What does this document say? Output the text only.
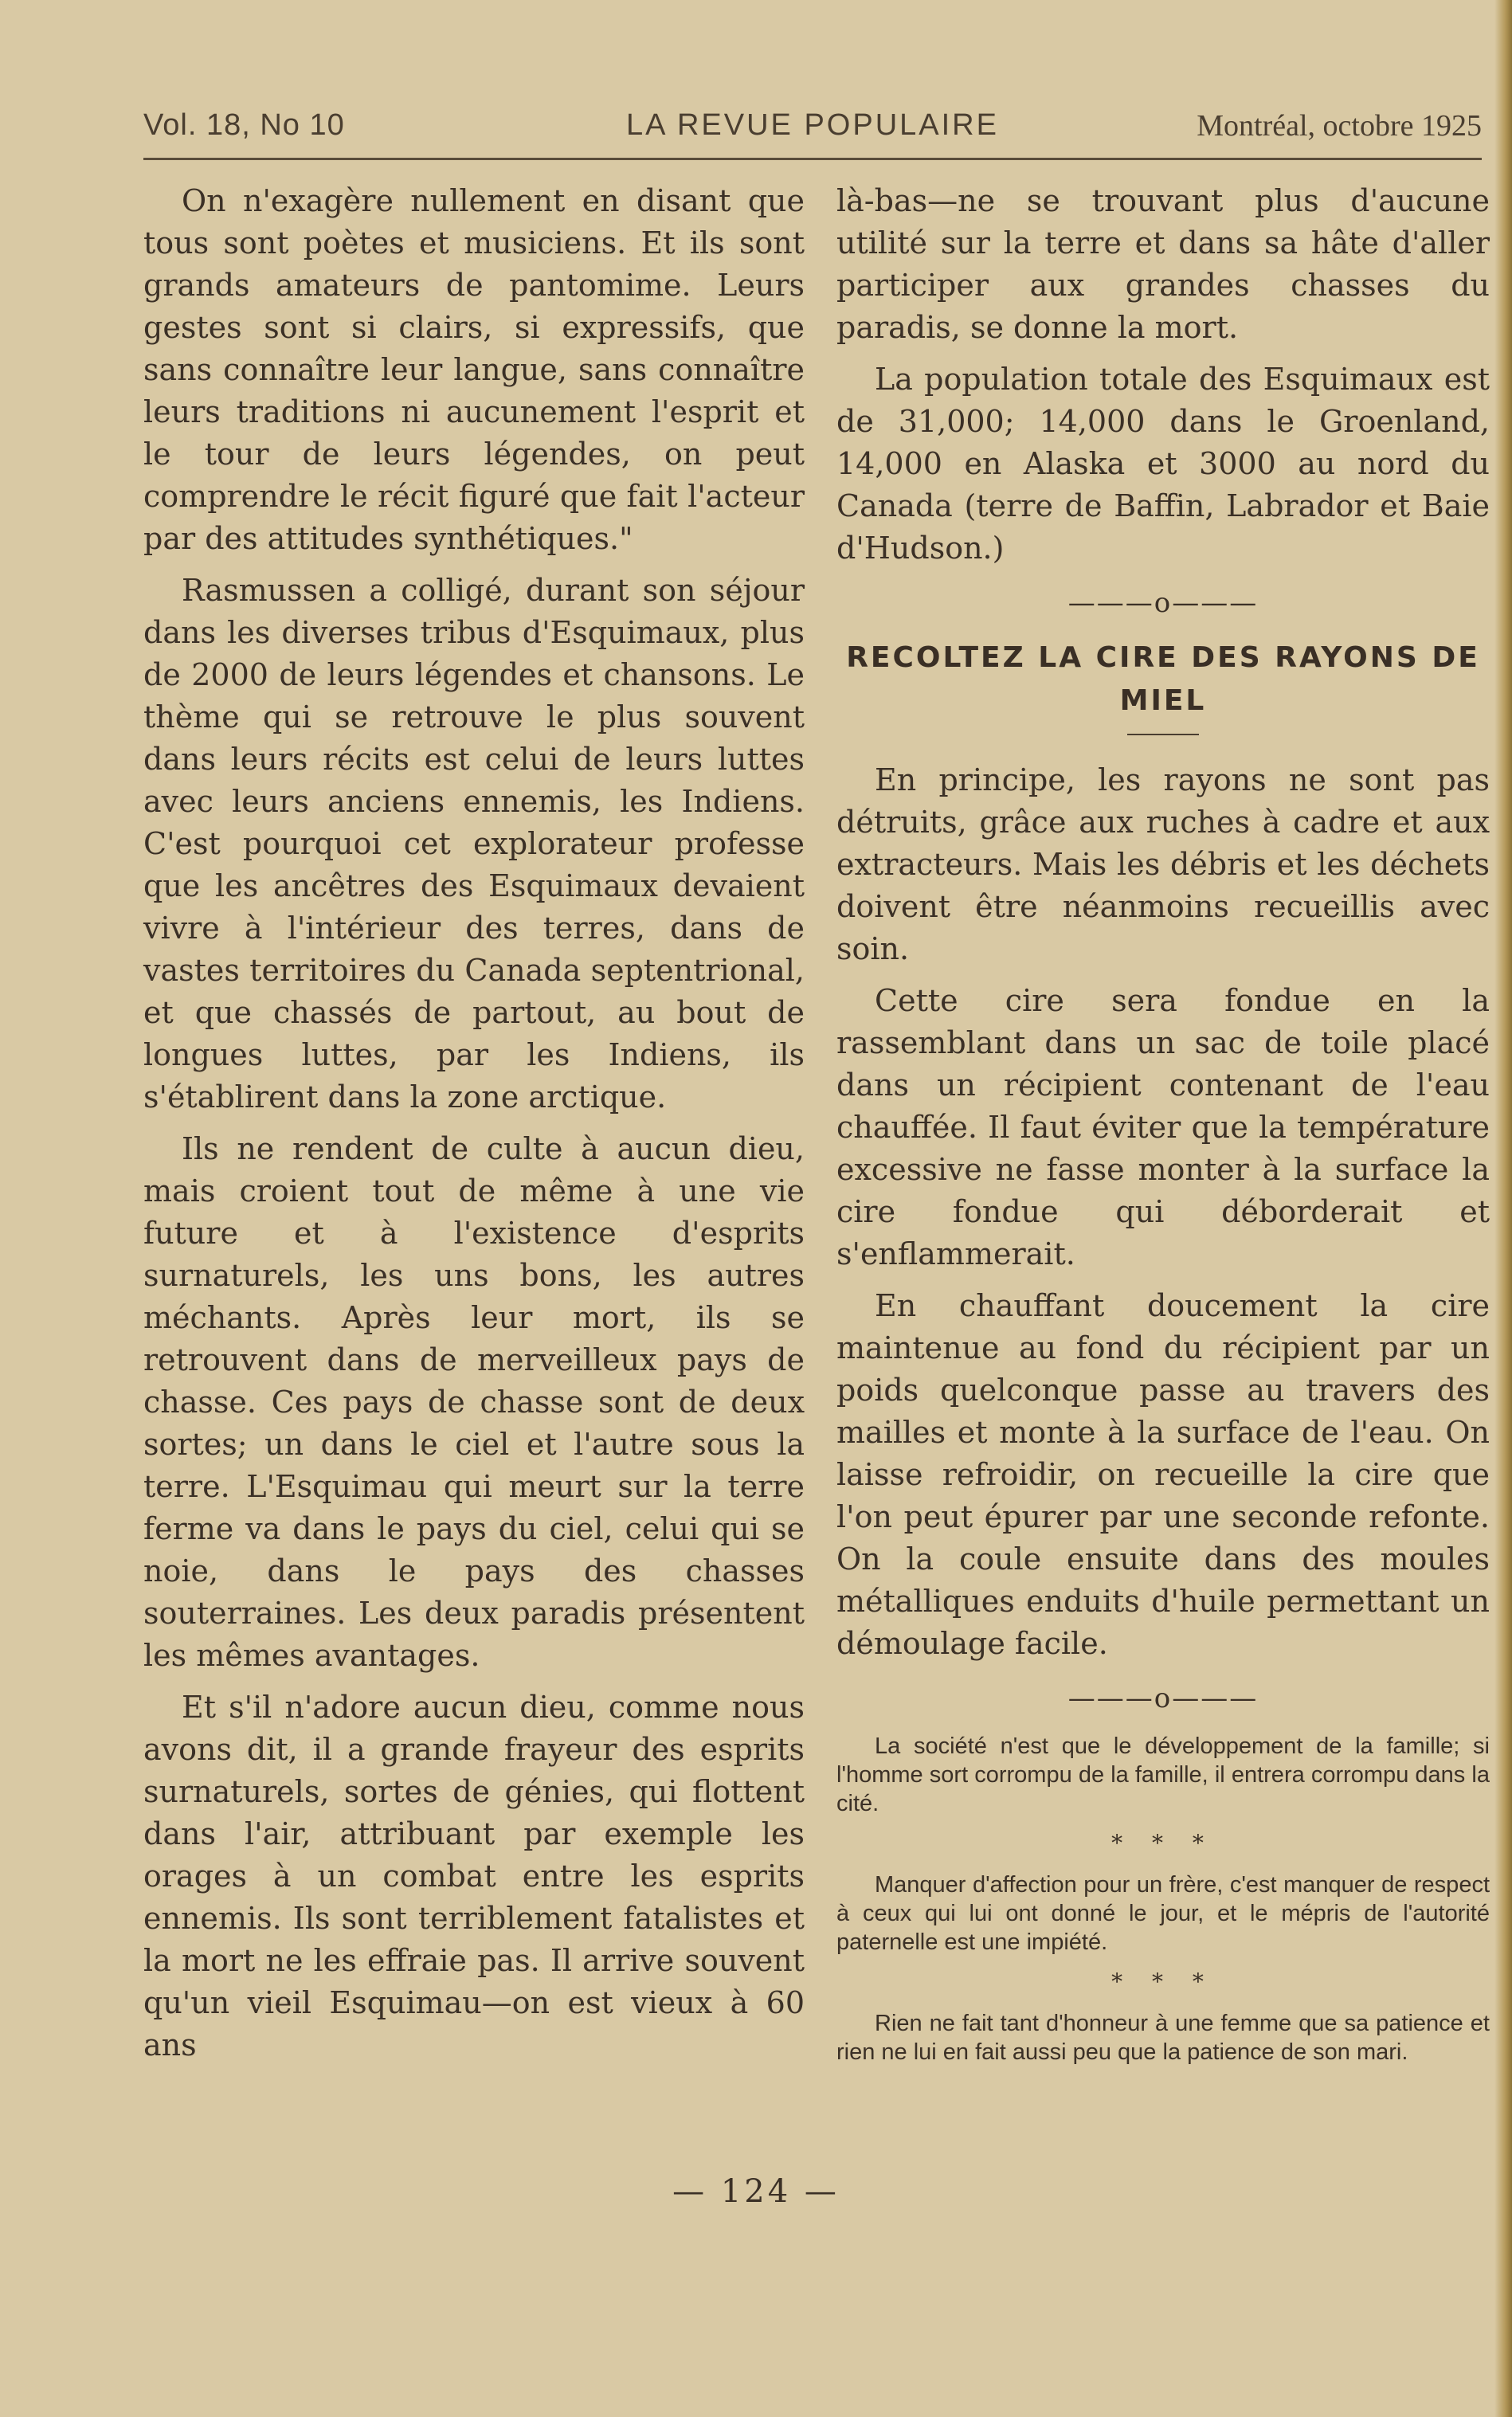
Vol. 18, No 10	LA REVUE POPULAIRE	Montréal, octobre 1925

On n'exagère nullement en disant que tous sont poètes et musiciens. Et ils sont grands amateurs de pantomime. Leurs gestes sont si clairs, si expressifs, que sans connaître leur langue, sans connaître leurs traditions ni aucunement l'esprit et le tour de leurs légendes, on peut comprendre le récit figuré que fait l'acteur par des attitudes synthétiques."

Rasmussen a colligé, durant son séjour dans les diverses tribus d'Esquimaux, plus de 2000 de leurs légendes et chansons. Le thème qui se retrouve le plus souvent dans leurs récits est celui de leurs luttes avec leurs anciens ennemis, les Indiens. C'est pourquoi cet explorateur professe que les ancêtres des Esquimaux devaient vivre à l'intérieur des terres, dans de vastes territoires du Canada septentrional, et que chassés de partout, au bout de longues luttes, par les Indiens, ils s'établirent dans la zone arctique.

Ils ne rendent de culte à aucun dieu, mais croient tout de même à une vie future et à l'existence d'esprits surnaturels, les uns bons, les autres méchants. Après leur mort, ils se retrouvent dans de merveilleux pays de chasse. Ces pays de chasse sont de deux sortes; un dans le ciel et l'autre sous la terre. L'Esquimau qui meurt sur la terre ferme va dans le pays du ciel, celui qui se noie, dans le pays des chasses souterraines. Les deux paradis présentent les mêmes avantages.

Et s'il n'adore aucun dieu, comme nous avons dit, il a grande frayeur des esprits surnaturels, sortes de génies, qui flottent dans l'air, attribuant par exemple les orages à un combat entre les esprits ennemis. Ils sont terriblement fatalistes et la mort ne les effraie pas. Il arrive souvent qu'un vieil Esquimau—on est vieux à 60 ans

là-bas—ne se trouvant plus d'aucune utilité sur la terre et dans sa hâte d'aller participer aux grandes chasses du paradis, se donne la mort.

La population totale des Esquimaux est de 31,000; 14,000 dans le Groenland, 14,000 en Alaska et 3000 au nord du Canada (terre de Baffin, Labrador et Baie d'Hudson.)

———o———
RECOLTEZ LA CIRE DES RAYONS DE MIEL

En principe, les rayons ne sont pas détruits, grâce aux ruches à cadre et aux extracteurs. Mais les débris et les déchets doivent être néanmoins recueillis avec soin.

Cette cire sera fondue en la rassemblant dans un sac de toile placé dans un récipient contenant de l'eau chauffée. Il faut éviter que la température excessive ne fasse monter à la surface la cire fondue qui déborderait et s'enflammerait.

En chauffant doucement la cire maintenue au fond du récipient par un poids quelconque passe au travers des mailles et monte à la surface de l'eau. On laisse refroidir, on recueille la cire que l'on peut épurer par une seconde refonte. On la coule ensuite dans des moules métalliques enduits d'huile permettant un démoulage facile.

———o———

La société n'est que le développement de la famille; si l'homme sort corrompu de la famille, il entrera corrompu dans la cité.

* * *

Manquer d'affection pour un frère, c'est manquer de respect à ceux qui lui ont donné le jour, et le mépris de l'autorité paternelle est une impiété.

* * *

Rien ne fait tant d'honneur à une femme que sa patience et rien ne lui en fait aussi peu que la patience de son mari.

— 124 —
